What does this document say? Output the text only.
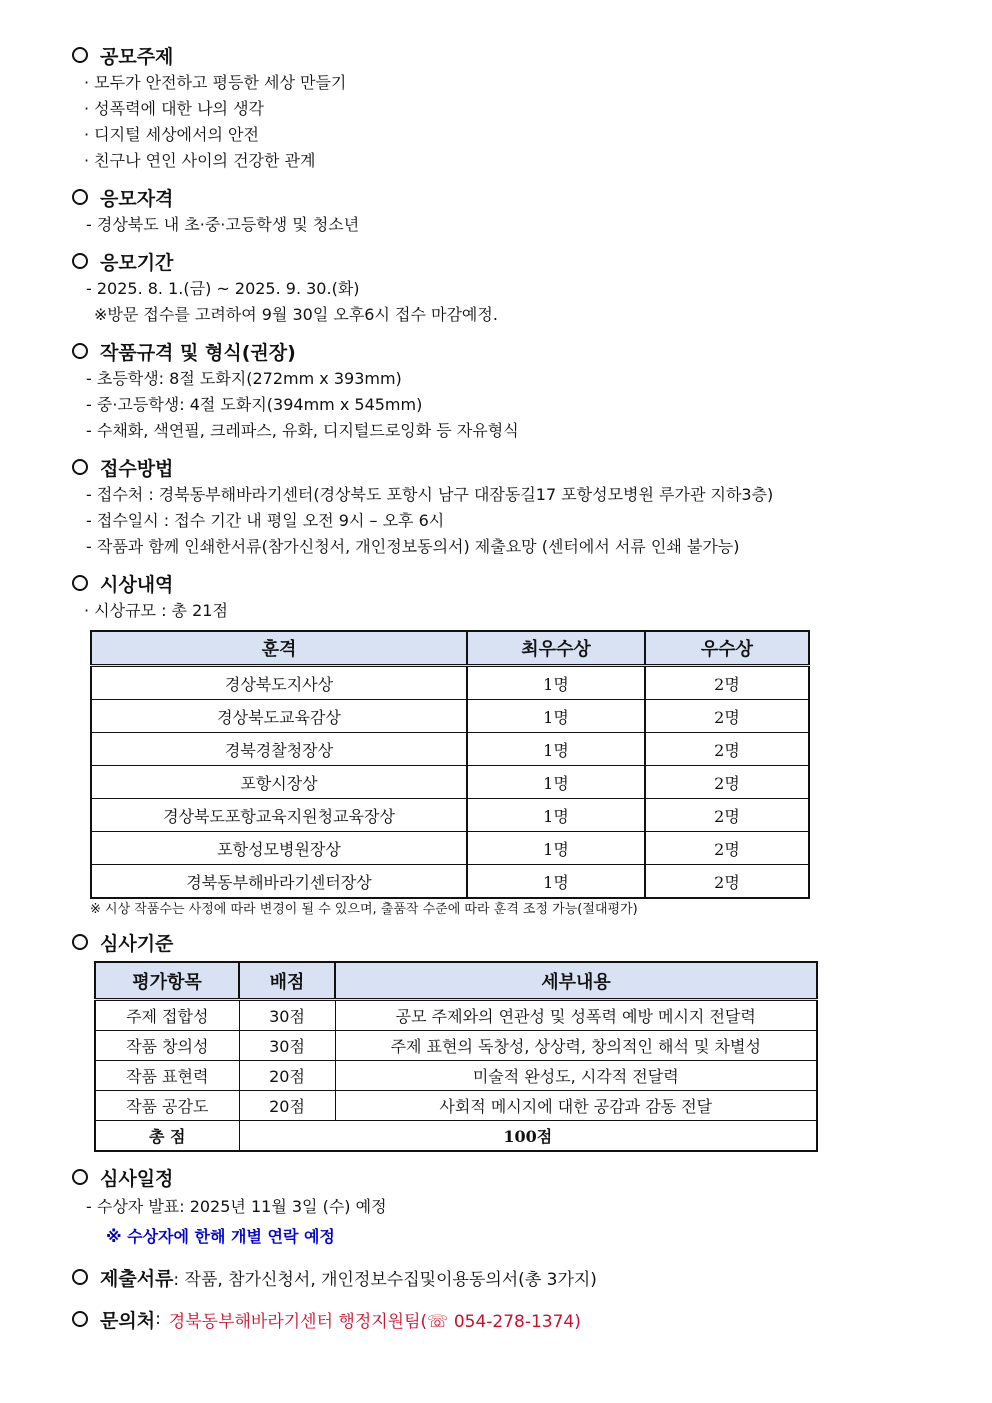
공모주제
· 모두가 안전하고 평등한 세상 만들기
· 성폭력에 대한 나의 생각
· 디지털 세상에서의 안전
· 친구나 연인 사이의 건강한 관계
응모자격
- 경상북도 내 초·중·고등학생 및 청소년
응모기간
- 2025. 8. 1.(금) ~ 2025. 9. 30.(화)
※방문 접수를 고려하여 9월 30일 오후6시 접수 마감예정.
작품규격 및 형식(권장)
- 초등학생: 8절 도화지(272mm x 393mm)
- 중·고등학생: 4절 도화지(394mm x 545mm)
- 수채화, 색연필, 크레파스, 유화, 디지털드로잉화 등 자유형식
접수방법
- 접수처 : 경북동부해바라기센터(경상북도 포항시 남구 대잠동길17 포항성모병원 루가관 지하3층)
- 접수일시 : 접수 기간 내 평일 오전 9시 – 오후 6시
- 작품과 함께 인쇄한서류(참가신청서, 개인정보동의서) 제출요망 (센터에서 서류 인쇄 불가능)
시상내역
· 시상규모 : 총 21점
훈격	최우수상	우수상
경상북도지사상	1명	2명
경상북도교육감상	1명	2명
경북경찰청장상	1명	2명
포항시장상	1명	2명
경상북도포항교육지원청교육장상	1명	2명
포항성모병원장상	1명	2명
경북동부해바라기센터장상	1명	2명
※ 시상 작품수는 사정에 따라 변경이 될 수 있으며, 출품작 수준에 따라 훈격 조정 가능(절대평가)
심사기준
평가항목	배점	세부내용
주제 접합성	30점	공모 주제와의 연관성 및 성폭력 예방 메시지 전달력
작품 창의성	30점	주제 표현의 독창성, 상상력, 창의적인 해석 및 차별성
작품 표현력	20점	미술적 완성도, 시각적 전달력
작품 공감도	20점	사회적 메시지에 대한 공감과 감동 전달
총 점	100점	
심사일정
- 수상자 발표: 2025년 11월 3일 (수) 예정
※ 수상자에 한해 개별 연락 예정
제출서류 : 작품, 참가신청서, 개인정보수집및이용동의서(총 3가지)
문의처 : 경북동부해바라기센터 행정지원팀(☏ 054-278-1374)
